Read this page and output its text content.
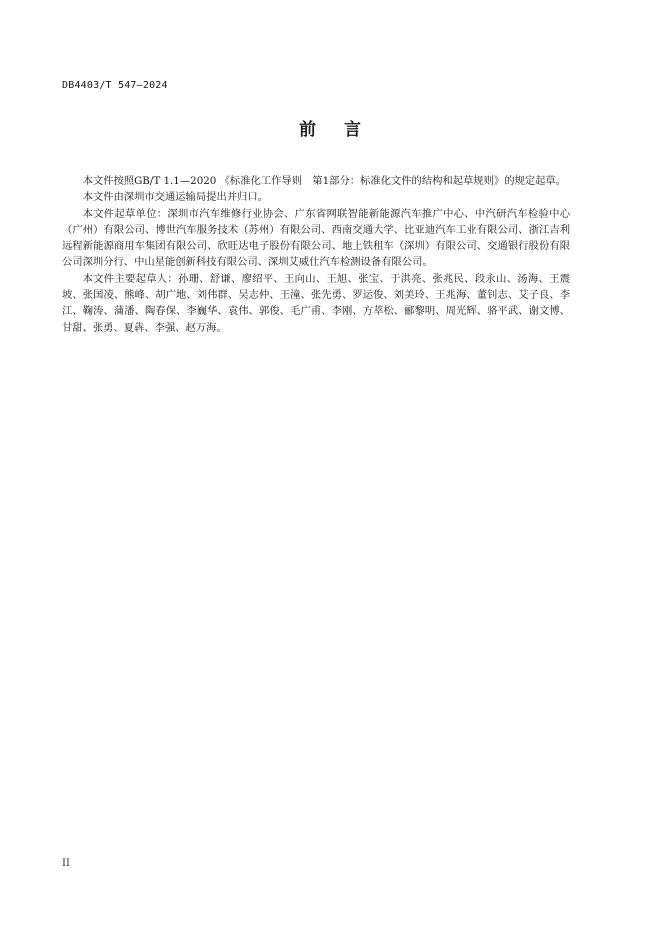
DB4403/T 547—2024
前 言

本文件按照GB/T 1.1—2020 《标准化工作导则　第1部分：标准化文件的结构和起草规则》的规定起草。

本文件由深圳市交通运输局提出并归口。

本文件起草单位：深圳市汽车维修行业协会、广东省网联智能新能源汽车推广中心、中汽研汽车检验中心（广州）有限公司、博世汽车服务技术（苏州）有限公司、西南交通大学、比亚迪汽车工业有限公司、浙江吉利远程新能源商用车集团有限公司、欣旺达电子股份有限公司、地上铁租车（深圳）有限公司、交通银行股份有限公司深圳分行、中山星能创新科技有限公司、深圳艾威仕汽车检测设备有限公司。

本文件主要起草人：孙珊、舒谦、廖绍平、王向山、王旭、张宝、于洪亮、张兆民、段永山、汤海、王震坡、张国凌、熊峰、胡广地、刘伟群、吴志仲、王潼、张先勇、罗运俊、刘美玲、王兆海、董钊志、艾子良、李江、鞠涛、蒲潘、陶春保、李巍华、袁伟、郭俊、毛广甫、李刚、方萃松、郦黎明、周光辉、骆平武、谢文博、甘甜、张勇、夏犇、李强、赵万海。

II
